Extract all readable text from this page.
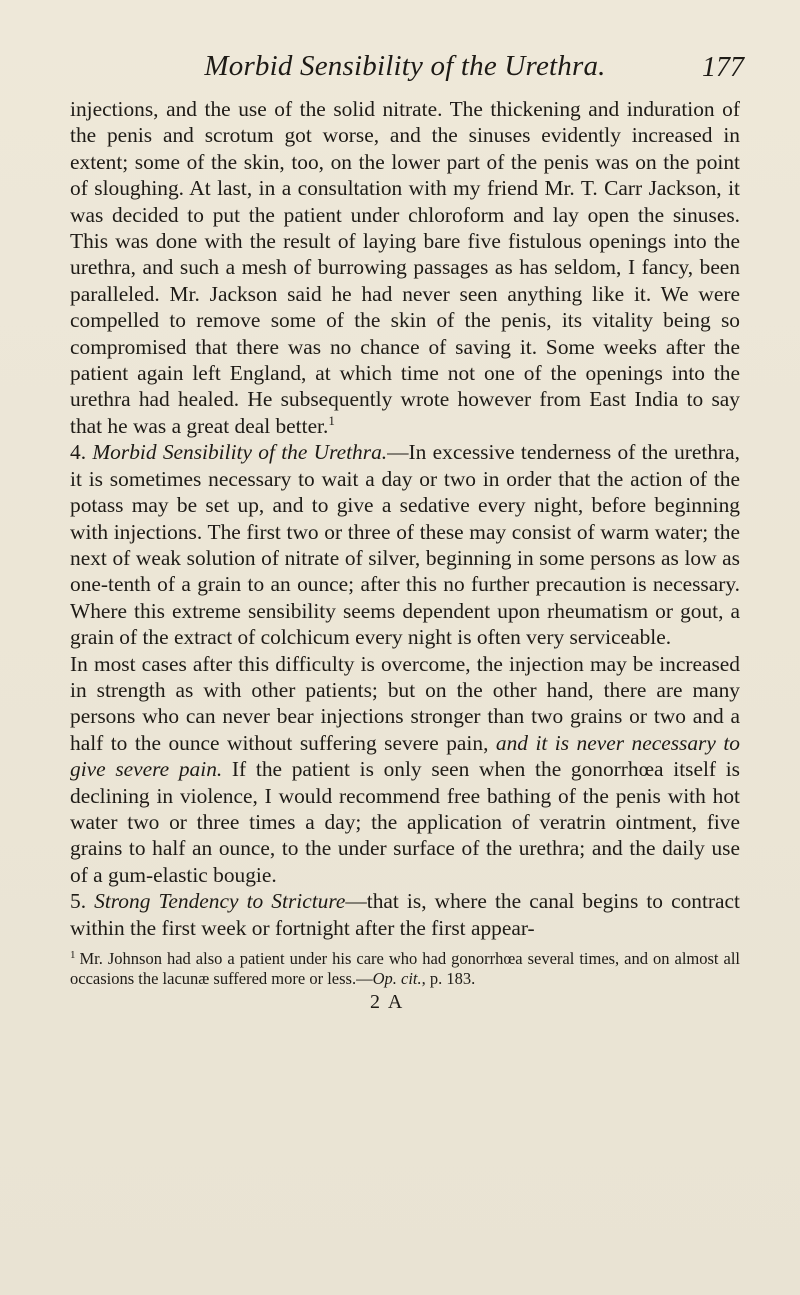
Morbid Sensibility of the Urethra.	177

injections, and the use of the solid nitrate. The thickening and induration of the penis and scrotum got worse, and the sinuses evidently increased in extent; some of the skin, too, on the lower part of the penis was on the point of sloughing. At last, in a consultation with my friend Mr. T. Carr Jackson, it was decided to put the patient under chloroform and lay open the sinuses. This was done with the result of laying bare five fistulous openings into the urethra, and such a mesh of burrowing passages as has seldom, I fancy, been paralleled. Mr. Jackson said he had never seen anything like it. We were compelled to remove some of the skin of the penis, its vitality being so compromised that there was no chance of saving it. Some weeks after the patient again left England, at which time not one of the openings into the urethra had healed. He subsequently wrote however from East India to say that he was a great deal better.$^1$

4. Morbid Sensibility of the Urethra.—In excessive tenderness of the urethra, it is sometimes necessary to wait a day or two in order that the action of the potass may be set up, and to give a sedative every night, before beginning with injections. The first two or three of these may consist of warm water; the next of weak solution of nitrate of silver, beginning in some persons as low as one-tenth of a grain to an ounce; after this no further precaution is necessary. Where this extreme sensibility seems dependent upon rheumatism or gout, a grain of the extract of colchicum every night is often very serviceable.

In most cases after this difficulty is overcome, the injection may be increased in strength as with other patients; but on the other hand, there are many persons who can never bear injections stronger than two grains or two and a half to the ounce without suffering severe pain, and it is never necessary to give severe pain. If the patient is only seen when the gonorrhœa itself is declining in violence, I would recommend free bathing of the penis with hot water two or three times a day; the application of veratrin ointment, five grains to half an ounce, to the under surface of the urethra; and the daily use of a gum-elastic bougie.

5. Strong Tendency to Stricture—that is, where the canal begins to contract within the first week or fortnight after the first appear-

$^1$ Mr. Johnson had also a patient under his care who had gonorrhœa several times, and on almost all occasions the lacunæ suffered more or less.—Op. cit., p. 183.

2 A
